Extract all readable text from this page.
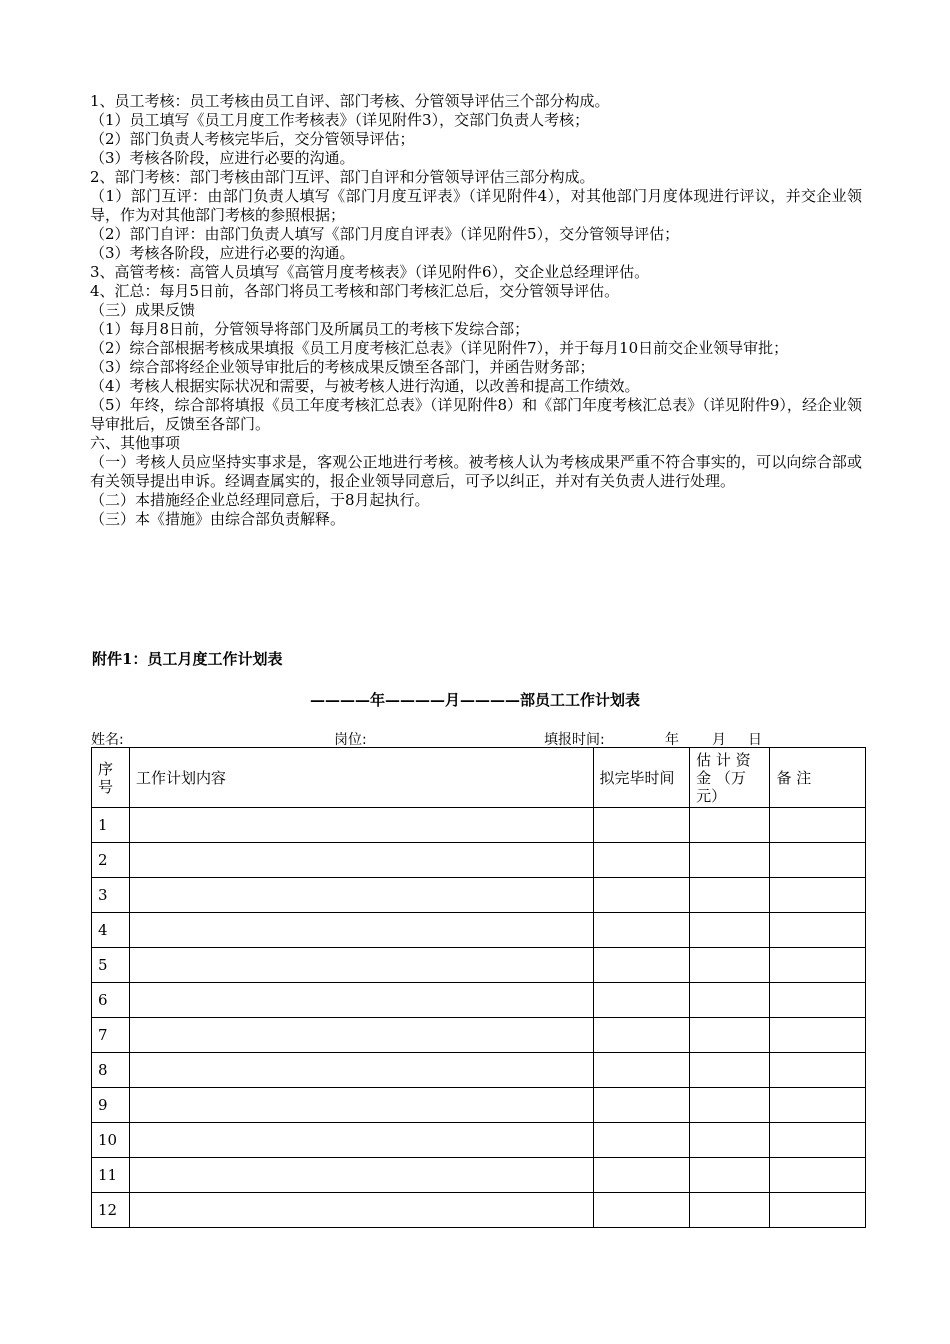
1、员工考核：员工考核由员工自评、部门考核、分管领导评估三个部分构成。

（1）员工填写《员工月度工作考核表》（详见附件3），交部门负责人考核；

（2）部门负责人考核完毕后，交分管领导评估；

（3）考核各阶段，应进行必要的沟通。

2、部门考核：部门考核由部门互评、部门自评和分管领导评估三部分构成。

（1）部门互评：由部门负责人填写《部门月度互评表》（详见附件4），对其他部门月度体现进行评议，并交企业领导，作为对其他部门考核的参照根据；

（2）部门自评：由部门负责人填写《部门月度自评表》（详见附件5），交分管领导评估；

（3）考核各阶段，应进行必要的沟通。

3、高管考核：高管人员填写《高管月度考核表》（详见附件6），交企业总经理评估。

4、汇总：每月5日前，各部门将员工考核和部门考核汇总后，交分管领导评估。

（三）成果反馈

（1）每月8日前，分管领导将部门及所属员工的考核下发综合部；

（2）综合部根据考核成果填报《员工月度考核汇总表》（详见附件7），并于每月10日前交企业领导审批；

（3）综合部将经企业领导审批后的考核成果反馈至各部门，并函告财务部；

（4）考核人根据实际状况和需要，与被考核人进行沟通，以改善和提高工作绩效。

（5）年终，综合部将填报《员工年度考核汇总表》（详见附件8）和《部门年度考核汇总表》（详见附件9），经企业领导审批后，反馈至各部门。

六、其他事项

（一）考核人员应坚持实事求是，客观公正地进行考核。被考核人认为考核成果严重不符合事实的，可以向综合部或有关领导提出申诉。经调查属实的，报企业领导同意后，可予以纠正，并对有关负责人进行处理。

（二）本措施经企业总经理同意后，于8月起执行。

（三）本《措施》由综合部负责解释。

附件1：员工月度工作计划表
————年————月————部员工工作计划表
姓名:	岗位:	填报时间:	年 月 日
序号	工作计划内容	拟完毕时间	估 计 资
金 （万
元）	备 注
1				
2				
3				
4				
5				
6				
7				
8				
9				
10				
11				
12				
